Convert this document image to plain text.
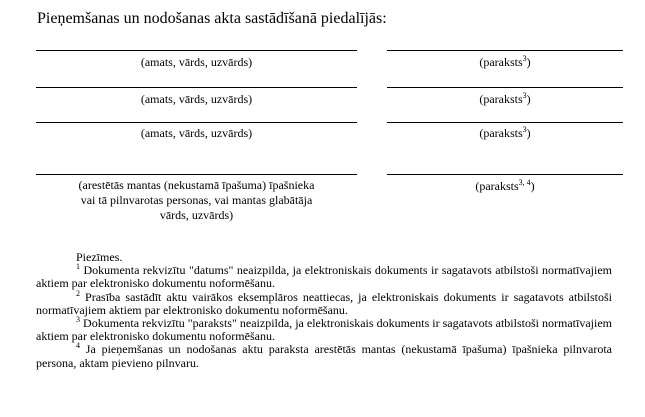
Pieņemšanas un nodošanas akta sastādīšanā piedalījās:
(amats, vārds, uzvārds)	(paraksts$^3$)
(amats, vārds, uzvārds)	(paraksts$^3$)
(amats, vārds, uzvārds)	(paraksts$^3$)
(arestētās mantas (nekustamā īpašuma) īpašnieka
vai tā pilnvarotas personas, vai mantas glabātāja
vārds, uzvārds)
(paraksts$^{3, 4}$)
Piezīmes.

$^1$ Dokumenta rekvizītu "datums" neaizpilda, ja elektroniskais dokuments ir sagatavots atbilstoši normatīvajiem aktiem par elektronisko dokumentu noformēšanu.

$^2$ Prasība sastādīt aktu vairākos eksemplāros neattiecas, ja elektroniskais dokuments ir sagatavots atbilstoši normatīvajiem aktiem par elektronisko dokumentu noformēšanu.

$^3$ Dokumenta rekvizītu "paraksts" neaizpilda, ja elektroniskais dokuments ir sagatavots atbilstoši normatīvajiem aktiem par elektronisko dokumentu noformēšanu.

$^4$ Ja pieņemšanas un nodošanas aktu paraksta arestētās mantas (nekustamā īpašuma) īpašnieka pilnvarota persona, aktam pievieno pilnvaru.
